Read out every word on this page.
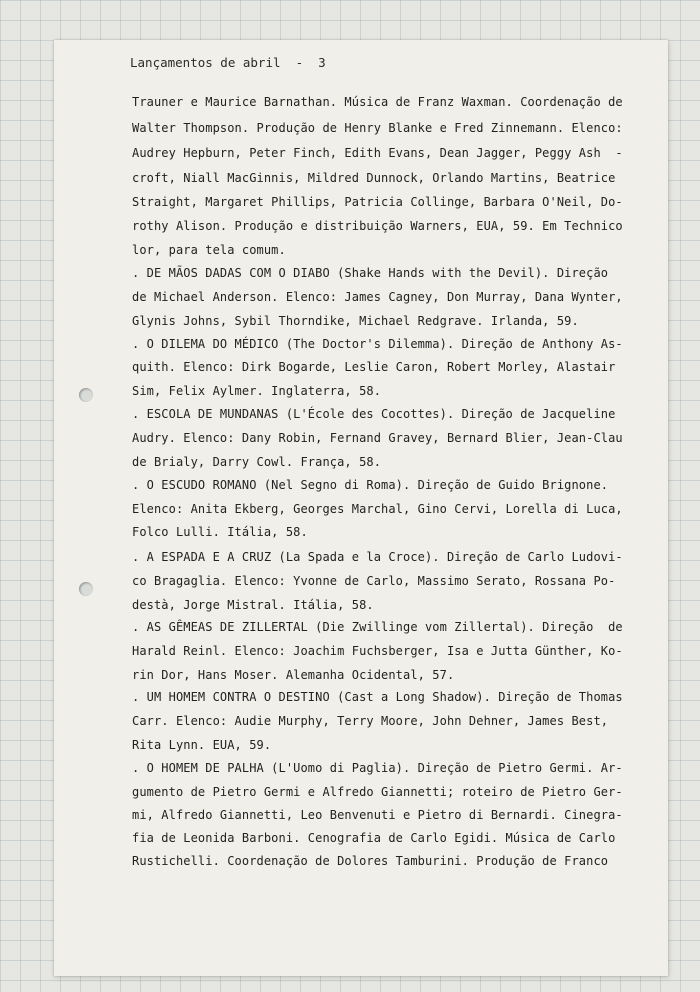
Lançamentos de abril - 3
Trauner e Maurice Barnathan. Música de Franz Waxman. Coordenação de
Walter Thompson. Produção de Henry Blanke e Fred Zinnemann. Elenco:
Audrey Hepburn, Peter Finch, Edith Evans, Dean Jagger, Peggy Ash  -
croft, Niall MacGinnis, Mildred Dunnock, Orlando Martins, Beatrice
Straight, Margaret Phillips, Patricia Collinge, Barbara O'Neil, Do-
rothy Alison. Produção e distribuição Warners, EUA, 59. Em Technico
lor, para tela comum.
. DE MÃOS DADAS COM O DIABO (Shake Hands with the Devil). Direção
de Michael Anderson. Elenco: James Cagney, Don Murray, Dana Wynter,
Glynis Johns, Sybil Thorndike, Michael Redgrave. Irlanda, 59.
. O DILEMA DO MÉDICO (The Doctor's Dilemma). Direção de Anthony As-
quith. Elenco: Dirk Bogarde, Leslie Caron, Robert Morley, Alastair
Sim, Felix Aylmer. Inglaterra, 58.
. ESCOLA DE MUNDANAS (L'École des Cocottes). Direção de Jacqueline
Audry. Elenco: Dany Robin, Fernand Gravey, Bernard Blier, Jean-Clau
de Brialy, Darry Cowl. França, 58.
. O ESCUDO ROMANO (Nel Segno di Roma). Direção de Guido Brignone.
Elenco: Anita Ekberg, Georges Marchal, Gino Cervi, Lorella di Luca,
Folco Lulli. Itália, 58.
. A ESPADA E A CRUZ (La Spada e la Croce). Direção de Carlo Ludovi-
co Bragaglia. Elenco: Yvonne de Carlo, Massimo Serato, Rossana Po-
destà, Jorge Mistral. Itália, 58.
. AS GÊMEAS DE ZILLERTAL (Die Zwillinge vom Zillertal). Direção  de
Harald Reinl. Elenco: Joachim Fuchsberger, Isa e Jutta Günther, Ko-
rin Dor, Hans Moser. Alemanha Ocidental, 57.
. UM HOMEM CONTRA O DESTINO (Cast a Long Shadow). Direção de Thomas
Carr. Elenco: Audie Murphy, Terry Moore, John Dehner, James Best,
Rita Lynn. EUA, 59.
. O HOMEM DE PALHA (L'Uomo di Paglia). Direção de Pietro Germi. Ar-
gumento de Pietro Germi e Alfredo Giannetti; roteiro de Pietro Ger-
mi, Alfredo Giannetti, Leo Benvenuti e Pietro di Bernardi. Cinegra-
fia de Leonida Barboni. Cenografia de Carlo Egidi. Música de Carlo
Rustichelli. Coordenação de Dolores Tamburini. Produção de Franco
